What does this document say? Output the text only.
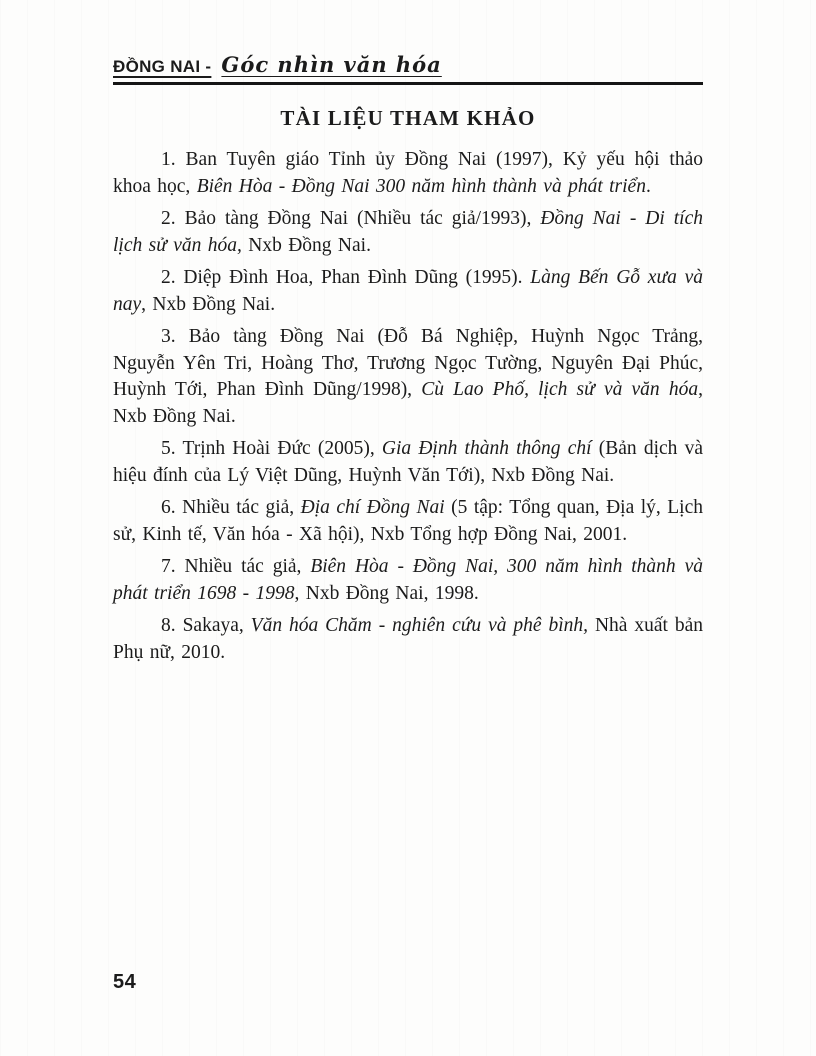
ĐỒNG NAI - Góc nhìn văn hóa
TÀI LIỆU THAM KHẢO

1. Ban Tuyên giáo Tỉnh ủy Đồng Nai (1997), Kỷ yếu hội thảo khoa học, Biên Hòa - Đồng Nai 300 năm hình thành và phát triển.

2. Bảo tàng Đồng Nai (Nhiều tác giả/1993), Đồng Nai - Di tích lịch sử văn hóa, Nxb Đồng Nai.

2. Diệp Đình Hoa, Phan Đình Dũng (1995). Làng Bến Gỗ xưa và nay, Nxb Đồng Nai.

3. Bảo tàng Đồng Nai (Đỗ Bá Nghiệp, Huỳnh Ngọc Trảng, Nguyễn Yên Tri, Hoàng Thơ, Trương Ngọc Tường, Nguyên Đại Phúc, Huỳnh Tới, Phan Đình Dũng/1998), Cù Lao Phố, lịch sử và văn hóa, Nxb Đồng Nai.

5. Trịnh Hoài Đức (2005), Gia Định thành thông chí (Bản dịch và hiệu đính của Lý Việt Dũng, Huỳnh Văn Tới), Nxb Đồng Nai.

6. Nhiều tác giả, Địa chí Đồng Nai (5 tập: Tổng quan, Địa lý, Lịch sử, Kinh tế, Văn hóa - Xã hội), Nxb Tổng hợp Đồng Nai, 2001.

7. Nhiều tác giả, Biên Hòa - Đồng Nai, 300 năm hình thành và phát triển 1698 - 1998, Nxb Đồng Nai, 1998.

8. Sakaya, Văn hóa Chăm - nghiên cứu và phê bình, Nhà xuất bản Phụ nữ, 2010.

54
